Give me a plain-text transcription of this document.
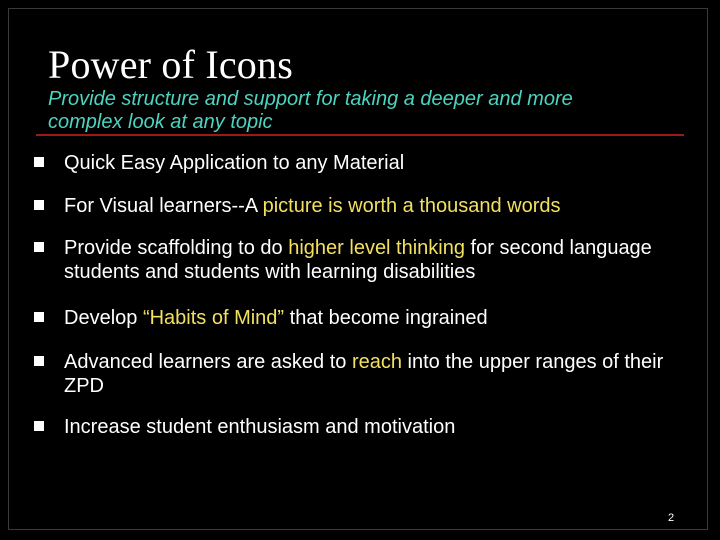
Power of Icons

Provide structure and support for taking a deeper and more complex look at any topic

Quick Easy Application to any Material

For Visual learners--A picture is worth a thousand words

Provide scaffolding to do higher level thinking for second language students and students with learning disabilities

Develop “Habits of Mind” that become ingrained

Advanced learners are asked to reach into the upper ranges of their ZPD

Increase student enthusiasm and motivation

2
